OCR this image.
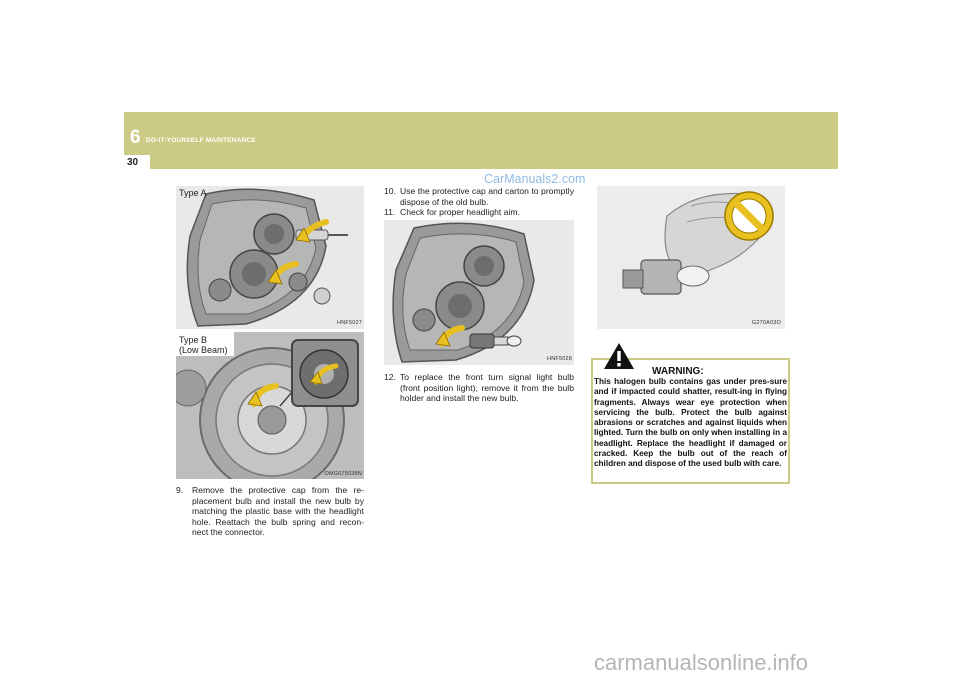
6 DO-IT-YOURSELF MAINTENANCE
30
CarManuals2.com
Type A
HNF5027
Type B
(Low Beam)
OMG075038N
9.	Remove the protective cap from the re-placement bulb and install the new bulb by matching the plastic base with the headlight hole. Reattach the bulb spring and recon-nect the connector.
10. Use the protective cap and carton to promptly dispose of the old bulb.
11. Check for proper headlight aim.
HNF5028
12. To replace the front turn signal light bulb (front position light), remove it from the bulb holder and install the new bulb.
G270A03O
WARNING:
This halogen bulb contains gas under pres-sure and if impacted could shatter, result-ing in flying fragments. Always wear eye protection when servicing the bulb. Protect the bulb against abrasions or scratches and against liquids when lighted. Turn the bulb on only when installing in a headlight. Replace the headlight if damaged or cracked. Keep the bulb out of the reach of children and dispose of the used bulb with care.
carmanualsonline.info
